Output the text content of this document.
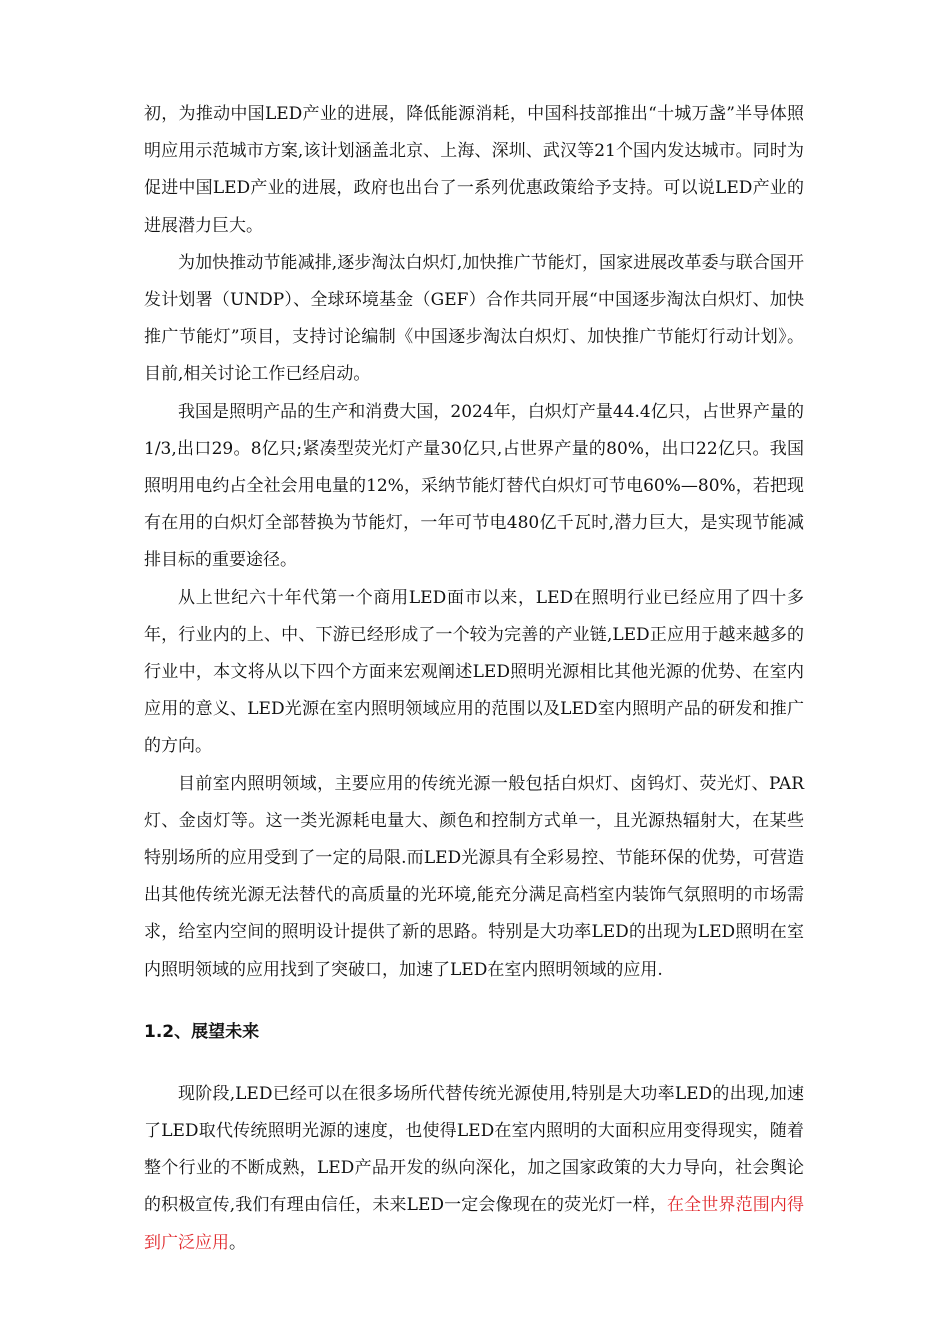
初，为推动中国LED产业的进展，降低能源消耗，中国科技部推出“十城万盏”半导体照明应用示范城市方案,该计划涵盖北京、上海、深圳、武汉等21个国内发达城市。同时为促进中国LED产业的进展，政府也出台了一系列优惠政策给予支持。可以说LED产业的进展潜力巨大。

为加快推动节能减排,逐步淘汰白炽灯,加快推广节能灯，国家进展改革委与联合国开发计划署（UNDP）、全球环境基金（GEF）合作共同开展“中国逐步淘汰白炽灯、加快推广节能灯”项目，支持讨论编制《中国逐步淘汰白炽灯、加快推广节能灯行动计划》。目前,相关讨论工作已经启动。

我国是照明产品的生产和消费大国，2024年，白炽灯产量44.4亿只，占世界产量的1/3,出口29。8亿只;紧凑型荧光灯产量30亿只,占世界产量的80%，出口22亿只。我国照明用电约占全社会用电量的12%，采纳节能灯替代白炽灯可节电60%—80%，若把现有在用的白炽灯全部替换为节能灯，一年可节电480亿千瓦时,潜力巨大，是实现节能减排目标的重要途径。

从上世纪六十年代第一个商用LED面市以来，LED在照明行业已经应用了四十多年，行业内的上、中、下游已经形成了一个较为完善的产业链,LED正应用于越来越多的行业中，本文将从以下四个方面来宏观阐述LED照明光源相比其他光源的优势、在室内应用的意义、LED光源在室内照明领域应用的范围以及LED室内照明产品的研发和推广的方向。

目前室内照明领域，主要应用的传统光源一般包括白炽灯、卤钨灯、荧光灯、PAR灯、金卤灯等。这一类光源耗电量大、颜色和控制方式单一，且光源热辐射大，在某些特别场所的应用受到了一定的局限.而LED光源具有全彩易控、节能环保的优势，可营造出其他传统光源无法替代的高质量的光环境,能充分满足高档室内装饰气氛照明的市场需求，给室内空间的照明设计提供了新的思路。特别是大功率LED的出现为LED照明在室内照明领域的应用找到了突破口，加速了LED在室内照明领域的应用.

1.2、展望未来

现阶段,LED已经可以在很多场所代替传统光源使用,特别是大功率LED的出现,加速了LED取代传统照明光源的速度，也使得LED在室内照明的大面积应用变得现实，随着整个行业的不断成熟，LED产品开发的纵向深化，加之国家政策的大力导向，社会舆论的积极宣传,我们有理由信任，未来LED一定会像现在的荧光灯一样，在全世界范围内得到广泛应用。
